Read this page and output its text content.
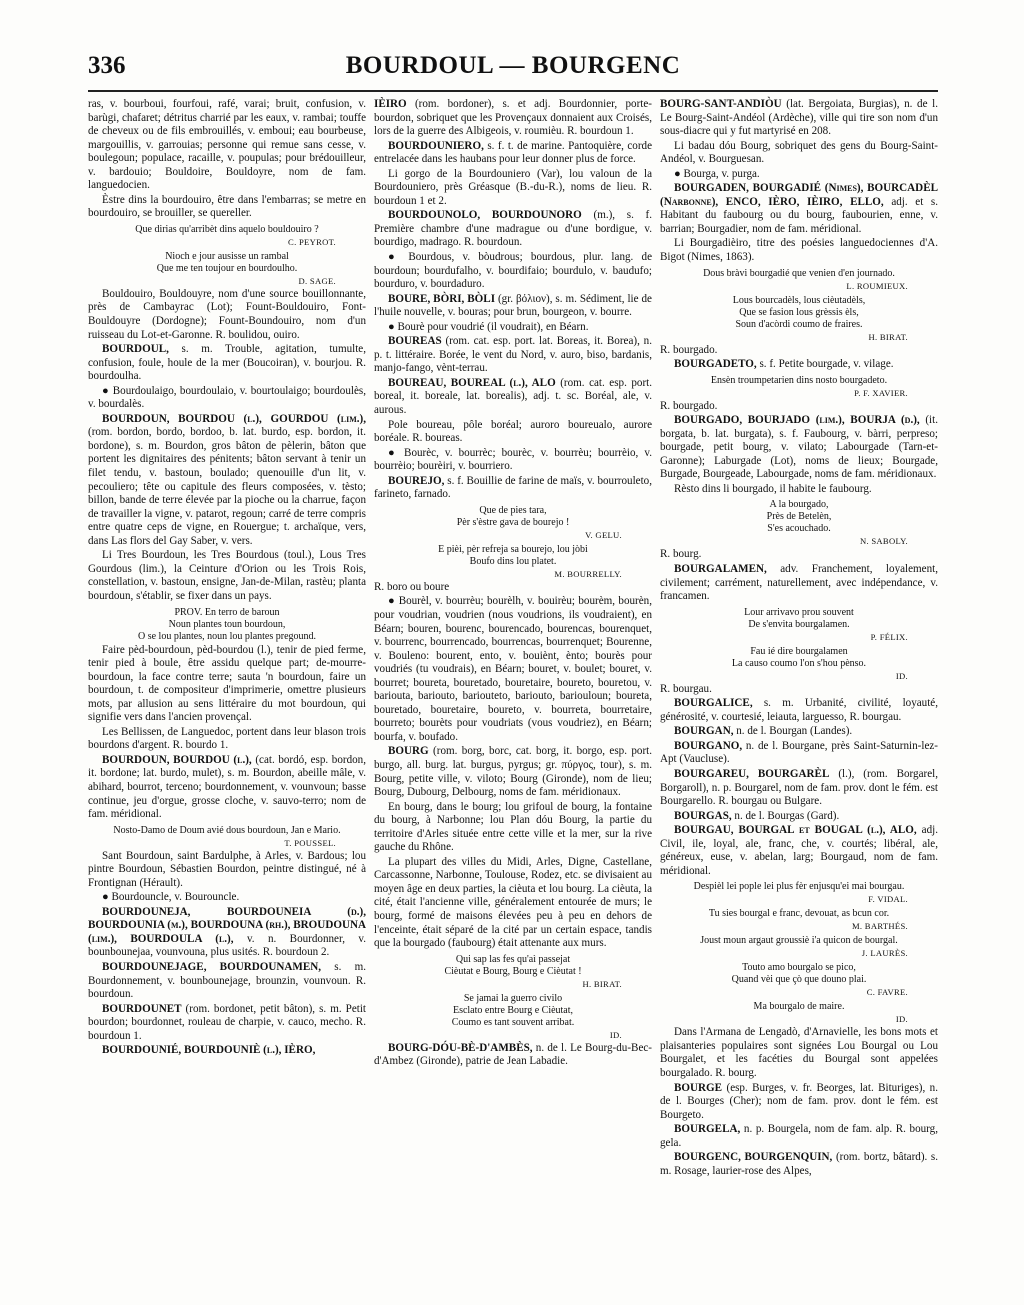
336	BOURDOUL — BOURGENC

ras, v. bourboui, fourfoui, rafé, varai; bruit, confusion, v. barùgi, chafaret; détritus charrié par les eaux, v. rambai; touffe de cheveux ou de fils embrouillés, v. emboui; eau bourbeuse, margouillis, v. garrouias; personne qui remue sans cesse, v. boulegoun; populace, racaille, v. poupulas; pour brédouilleur, v. bardouio; Bouldoire, Bouldoyre, nom de fam. languedocien.

Èstre dins la bourdouiro, être dans l'embarras; se metre en bourdouiro, se brouiller, se quereller.

Que dirias qu'arribèt dins aquelo bouldouiro ?
C. PEYROT.
Nioch e jour ausisse un rambal
Que me ten toujour en bourdoulho.
D. SAGE.

Bouldouiro, Bouldouyre, nom d'une source bouillonnante, près de Cambayrac (Lot); Fount-Bouldouiro, Font-Bouldouyre (Dordogne); Fount-Boundouiro, nom d'un ruisseau du Lot-et-Garonne. R. boulidou, ouiro.

BOURDOUL, s. m. Trouble, agitation, tumulte, confusion, foule, houle de la mer (Boucoiran), v. bourjou. R. bourdoulha.

● Bourdoulaigo, bourdoulaio, v. bourtoulaigo; bourdoulès, v. bourdalès.

BOURDOUN, BOURDOU (l.), GOURDOU (lim.), (rom. bordon, bordo, bordoo, b. lat. burdo, esp. bordon, it. bordone), s. m. Bourdon, gros bâton de pèlerin, bâton que portent les dignitaires des pénitents; bâton servant à tenir un filet tendu, v. bastoun, boulado; quenouille d'un lit, v. pecouliero; tête ou capitule des fleurs composées, v. tèsto; billon, bande de terre élevée par la pioche ou la charrue, façon de travailler la vigne, v. patarot, regoun; carré de terre compris entre quatre ceps de vigne, en Rouergue; t. archaïque, vers, dans Las flors del Gay Saber, v. vers.

Li Tres Bourdoun, les Tres Bourdous (toul.), Lous Tres Gourdous (lim.), la Ceinture d'Orion ou les Trois Rois, constellation, v. bastoun, ensigne, Jan-de-Milan, rastèu; planta bourdoun, s'établir, se fixer dans un pays.

PROV. En terro de baroun
Noun plantes toun bourdoun,
O se lou plantes, noun lou plantes pregound.

Faire pèd-bourdoun, pèd-bourdou (l.), tenir de pied ferme, tenir pied à boule, être assidu quelque part; de-mourre-bourdoun, la face contre terre; sauta 'n bourdoun, faire un bourdoun, t. de compositeur d'imprimerie, omettre plusieurs mots, par allusion au sens littéraire du mot bourdoun, qui signifie vers dans l'ancien provençal.

Les Bellissen, de Languedoc, portent dans leur blason trois bourdons d'argent. R. bourdo 1.

BOURDOUN, BOURDOU (l.), (cat. bordó, esp. bordon, it. bordone; lat. burdo, mulet), s. m. Bourdon, abeille mâle, v. abihard, bourrot, terceno; bourdonnement, v. vounvoun; basse continue, jeu d'orgue, grosse cloche, v. sauvo-terro; nom de fam. méridional.

Nosto-Damo de Doum avié dous bourdoun, Jan e Mario.
T. POUSSEL.

Sant Bourdoun, saint Bardulphe, à Arles, v. Bardous; lou pintre Bourdoun, Sébastien Bourdon, peintre distingué, né à Frontignan (Hérault).

● Bourdouncle, v. Bourouncle.

BOURDOUNEJA, BOURDOUNEIA (d.), BOURDOUNIA (m.), BOURDOUNA (rh.), BROUDOUNA (lim.), BOURDOULA (l.), v. n. Bourdonner, v. bounbounejaa, vounvouna, plus usités. R. bourdoun 2.

BOURDOUNEJAGE, BOURDOUNAMEN, s. m. Bourdonnement, v. bounbounejage, brounzin, vounvoun. R. bourdoun.

BOURDOUNET (rom. bordonet, petit bâton), s. m. Petit bourdon; bourdonnet, rouleau de charpie, v. cauco, mecho. R. bourdoun 1.

BOURDOUNIÉ, BOURDOUNIÈ (l.), IÈRO,

IÈIRO (rom. bordoner), s. et adj. Bourdonnier, porte-bourdon, sobriquet que les Provençaux donnaient aux Croisés, lors de la guerre des Albigeois, v. roumièu. R. bourdoun 1.

BOURDOUNIERO, s. f. t. de marine. Pantoquière, corde entrelacée dans les haubans pour leur donner plus de force.

Li gorgo de la Bourdouniero (Var), lou valoun de la Bourdouniero, près Gréasque (B.-du-R.), noms de lieu. R. bourdoun 1 et 2.

BOURDOUNOLO, BOURDOUNORO (m.), s. f. Première chambre d'une madrague ou d'une bordigue, v. bourdigo, madrago. R. bourdoun.

● Bourdous, v. bòudrous; bourdous, plur. lang. de bourdoun; bourdufalho, v. bourdifaio; bourdulo, v. baudufo; bourduro, v. bourdaduro.

BOURE, BÒRI, BÒLI (gr. βόλιον), s. m. Sédiment, lie de l'huile nouvelle, v. bouras; pour brun, bourgeon, v. bourre.

● Bourè pour voudrié (il voudrait), en Béarn.

BOUREAS (rom. cat. esp. port. lat. Boreas, it. Borea), n. p. t. littéraire. Borée, le vent du Nord, v. auro, biso, bardanis, manjo-fango, vènt-terrau.

BOUREAU, BOUREAL (l.), ALO (rom. cat. esp. port. boreal, it. boreale, lat. borealis), adj. t. sc. Boréal, ale, v. aurous.

Pole boureau, pôle boréal; auroro boureualo, aurore boréale. R. boureas.

● Bourèc, v. bourrèc; bourèc, v. bourrèu; bourrèio, v. bourrèio; bourèiri, v. bourriero.

BOUREJO, s. f. Bouillie de farine de maïs, v. bourrouleto, farineto, farnado.

Que de pies tara,
Pèr s'èstre gava de bourejo !
V. GELU.
E pièi, pèr refreja sa bourejo, lou jòbi
Boufo dins lou platet.
M. BOURRELLY.

R. boro ou boure

● Bourèl, v. bourrèu; bourèlh, v. bouirèu; bourèm, bourèn, pour voudrian, voudrien (nous voudrions, ils voudraient), en Béarn; bouren, bourenc, bourencado, bourencas, bourenquet, v. bourrenc, bourrencado, bourrencas, bourrenquet; Bourenne, v. Bouleno: bourent, ento, v. bouiènt, ènto; bourès pour voudriés (tu voudrais), en Béarn; bouret, v. boulet; bouret, v. bourret; boureta, bouretado, bouretaire, boureto, bouretou, v. bariouta, bariouto, bariouteto, bariouto, bariouloun; boureta, bouretado, bouretaire, boureto, v. bourreta, bourretaire, bourreto; bourèts pour voudriats (vous voudriez), en Béarn; bourfa, v. boufado.

BOURG (rom. borg, borc, cat. borg, it. borgo, esp. port. burgo, all. burg. lat. burgus, pyrgus; gr. πύργος, tour), s. m. Bourg, petite ville, v. viloto; Bourg (Gironde), nom de lieu; Bourg, Dubourg, Delbourg, noms de fam. méridionaux.

En bourg, dans le bourg; lou grifoul de bourg, la fontaine du bourg, à Narbonne; lou Plan dóu Bourg, la partie du territoire d'Arles située entre cette ville et la mer, sur la rive gauche du Rhône.

La plupart des villes du Midi, Arles, Digne, Castellane, Carcassonne, Narbonne, Toulouse, Rodez, etc. se divisaient au moyen âge en deux parties, la cièuta et lou bourg. La cièuta, la cité, était l'ancienne ville, généralement entourée de murs; le bourg, formé de maisons élevées peu à peu en dehors de l'enceinte, était séparé de la cité par un certain espace, tandis que la bourgado (faubourg) était attenante aux murs.

Qui sap las fes qu'aì passejat
Cièutat e Bourg, Bourg e Cièutat !
H. BIRAT.
Se jamai la guerro civilo
Esclato entre Bourg e Cièutat,
Coumo es tant souvent arribat.
ID.

BOURG-DÓU-BÈ-D'AMBÈS, n. de l. Le Bourg-du-Bec-d'Ambez (Gironde), patrie de Jean Labadie.

BOURG-SANT-ANDIÒU (lat. Bergoiata, Burgias), n. de l. Le Bourg-Saint-Andéol (Ardèche), ville qui tire son nom d'un sous-diacre qui y fut martyrisé en 208.

Li badau dóu Bourg, sobriquet des gens du Bourg-Saint-Andéol, v. Bourguesan.

● Bourga, v. purga.

BOURGADEN, BOURGADIÉ (Nimes), BOURCADÈL (Narbonne), ENCO, IÈRO, IÈIRO, ELLO, adj. et s. Habitant du faubourg ou du bourg, faubourien, enne, v. barrian; Bourgadier, nom de fam. méridional.

Li Bourgadièiro, titre des poésies languedociennes d'A. Bigot (Nimes, 1863).

Dous bràvi bourgadié que venien d'en journado.
L. ROUMIEUX.
Lous bourcadèls, lous cièutadèls,
Que se fasion lous grèssis èls,
Soun d'acòrdi coumo de fraires.
H. BIRAT.

R. bourgado.

BOURGADETO, s. f. Petite bourgade, v. vilage.

Ensèn troumpetarien dins nosto bourgadeto.
P. F. XAVIER.

R. bourgado.

BOURGADO, BOURJADO (lim.), BOURJA (d.), (it. borgata, b. lat. burgata), s. f. Faubourg, v. bàrri, perpreso; bourgade, petit bourg, v. vilato; Labourgade (Tarn-et-Garonne); Laburgade (Lot), noms de lieux; Bourgade, Burgade, Bourgeade, Labourgade, noms de fam. méridionaux.

Rèsto dins li bourgado, il habite le faubourg.

A la bourgado,
Près de Betelèn,
S'es acouchado.
N. SABOLY.

R. bourg.

BOURGALAMEN, adv. Franchement, loyalement, civilement; carrément, naturellement, avec indépendance, v. francamen.

Lour arrivavo prou souvent
De s'envita bourgalamen.
P. FÉLIX.
Fau ié dire bourgalamen
La causo coumo l'on s'hou pènso.
ID.

R. bourgau.

BOURGALICE, s. m. Urbanité, civilité, loyauté, générosité, v. courtesié, leiauta, larguesso, R. bourgau.

BOURGAN, n. de l. Bourgan (Landes).

BOURGANO, n. de l. Bourgane, près Saint-Saturnin-lez-Apt (Vaucluse).

BOURGAREU, BOURGARÈL (l.), (rom. Borgarel, Borgaroll), n. p. Bourgarel, nom de fam. prov. dont le fém. est Bourgarello. R. bourgau ou Bulgare.

BOURGAS, n. de l. Bourgas (Gard).

BOURGAU, BOURGAL et BOUGAL (l.), ALO, adj. Civil, ile, loyal, ale, franc, che, v. courtés; libéral, ale, généreux, euse, v. abelan, larg; Bourgaud, nom de fam. méridional.

Despièl lei pople lei plus fèr enjusqu'ei mai bourgau.
F. VIDAL.
Tu sies bourgal e franc, devouat, as bcun cor.
M. BARTHÉS.
Joust moun argaut groussiè i'a quicon de bourgal.
J. LAURÈS.
Touto amo bourgalo se pico,
Quand vèi que çò que douno plai.
C. FAVRE.
Ma bourgalo de maire.
ID.

Dans l'Armana de Lengadò, d'Arnavielle, les bons mots et plaisanteries populaires sont signées Lou Bourgal ou Lou Bourgalet, et les facéties du Bourgal sont appelées bourgalado. R. bourg.

BOURGE (esp. Burges, v. fr. Beorges, lat. Bituriges), n. de l. Bourges (Cher); nom de fam. prov. dont le fém. est Bourgeto.

BOURGELA, n. p. Bourgela, nom de fam. alp. R. bourg, gela.

BOURGENC, BOURGENQUIN, (rom. bortz, bâtard). s. m. Rosage, laurier-rose des Alpes,
